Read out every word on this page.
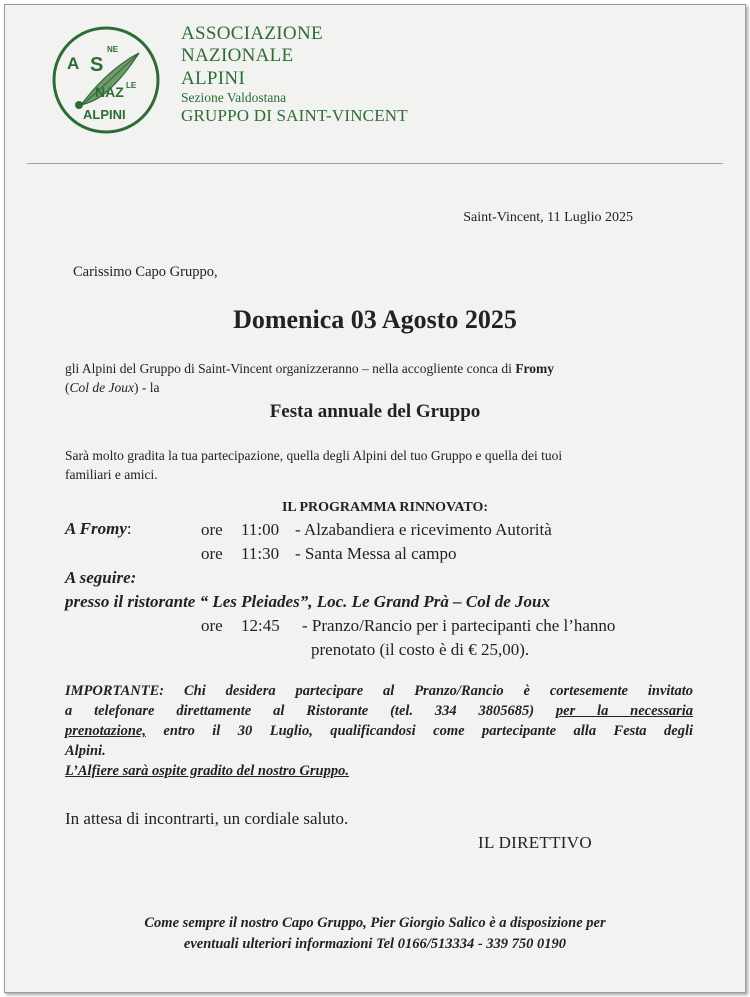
A S
NE
NAZ LE
ALPINI
ASSOCIAZIONE
NAZIONALE
ALPINI
Sezione Valdostana
GRUPPO DI SAINT-VINCENT
Saint-Vincent, 11 Luglio 2025
Carissimo Capo Gruppo,
Domenica 03 Agosto 2025
gli Alpini del Gruppo di Saint-Vincent organizzeranno – nella accogliente conca di Fromy
(Col de Joux) - la
Festa annuale del Gruppo
Sarà molto gradita la tua partecipazione, quella degli Alpini del tuo Gruppo e quella dei tuoi
familiari e amici.
IL PROGRAMMA RINNOVATO:
A Fromy:	ore 11:00 - Alzabandiera e ricevimento Autorità
ore 11:30 - Santa Messa al campo
A seguire:
presso il ristorante “ Les Pleiades”, Loc. Le Grand Prà – Col de Joux
ore 12:45 - Pranzo/Rancio per i partecipanti che l’hanno
prenotato (il costo è di € 25,00).
IMPORTANTE: Chi desidera partecipare al Pranzo/Rancio è cortesemente invitato
a telefonare direttamente al Ristorante (tel. 334 3805685) per la necessaria
prenotazione, entro il 30 Luglio, qualificandosi come partecipante alla Festa degli
Alpini.
L’Alfiere sarà ospite gradito del nostro Gruppo.
In attesa di incontrarti, un cordiale saluto.
IL DIRETTIVO
Come sempre il nostro Capo Gruppo, Pier Giorgio Salico è a disposizione per
eventuali ulteriori informazioni Tel 0166/513334 - 339 750 0190
